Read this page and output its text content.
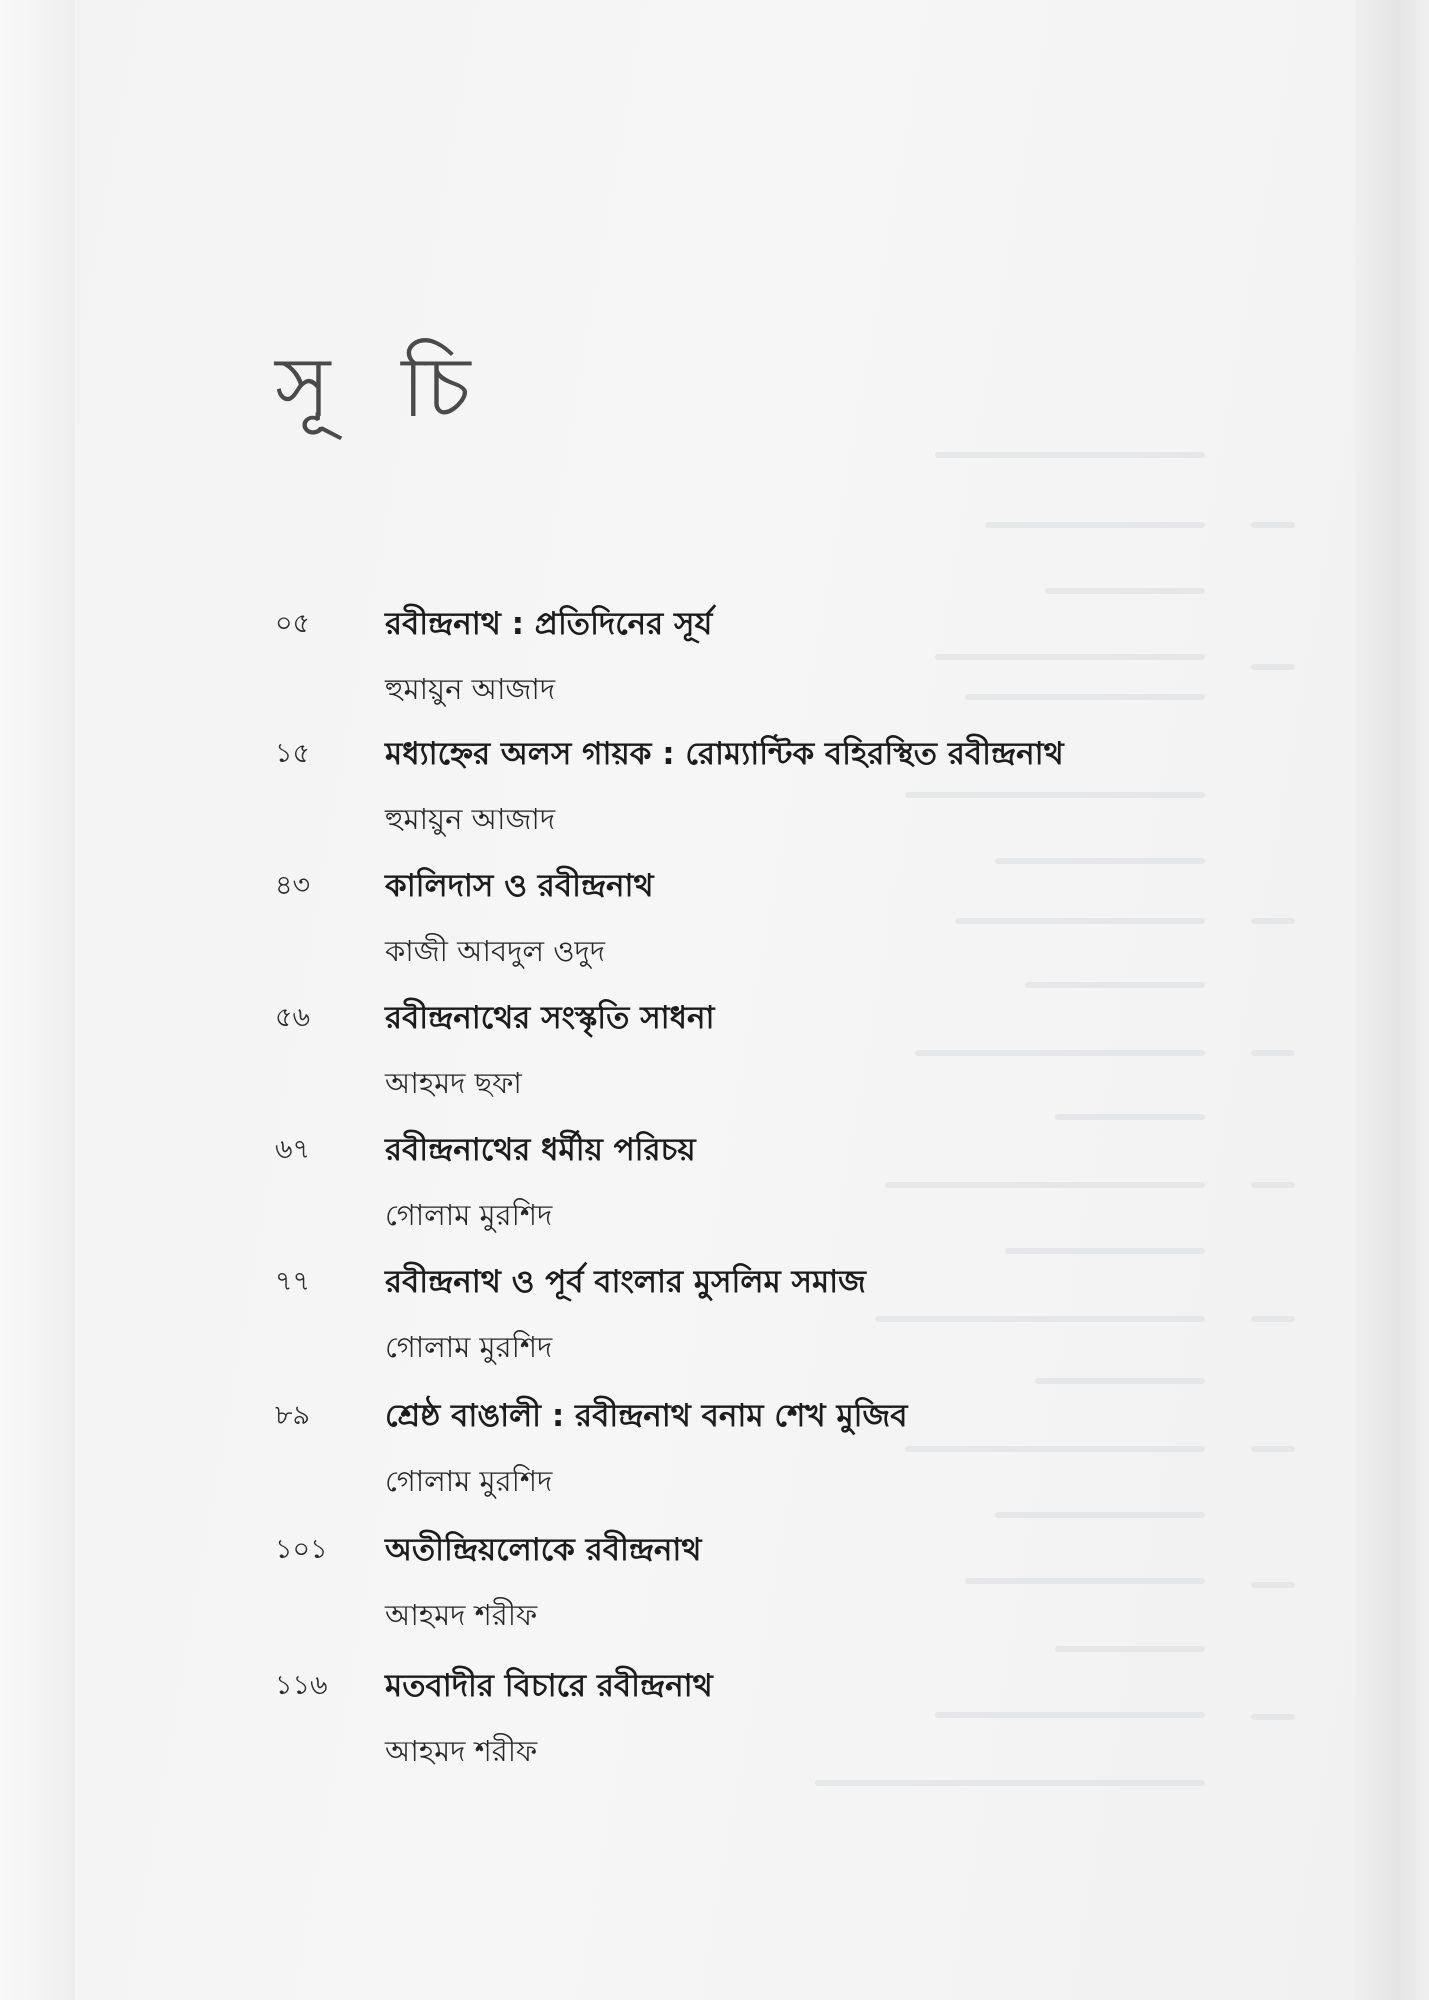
সূ চি
০৫ রবীন্দ্রনাথ : প্রতিদিনের সূর্য
হুমায়ুন আজাদ
১৫ মধ্যাহ্নের অলস গায়ক : রোম্যান্টিক বহিরস্থিত রবীন্দ্রনাথ
হুমায়ুন আজাদ
৪৩ কালিদাস ও রবীন্দ্রনাথ
কাজী আবদুল ওদুদ
৫৬ রবীন্দ্রনাথের সংস্কৃতি সাধনা
আহমদ ছফা
৬৭ রবীন্দ্রনাথের ধর্মীয় পরিচয়
গোলাম মুরশিদ
৭৭ রবীন্দ্রনাথ ও পূর্ব বাংলার মুসলিম সমাজ
গোলাম মুরশিদ
৮৯ শ্রেষ্ঠ বাঙালী : রবীন্দ্রনাথ বনাম শেখ মুজিব
গোলাম মুরশিদ
১০১ অতীন্দ্রিয়লোকে রবীন্দ্রনাথ
আহমদ শরীফ
১১৬ মতবাদীর বিচারে রবীন্দ্রনাথ
আহমদ শরীফ
